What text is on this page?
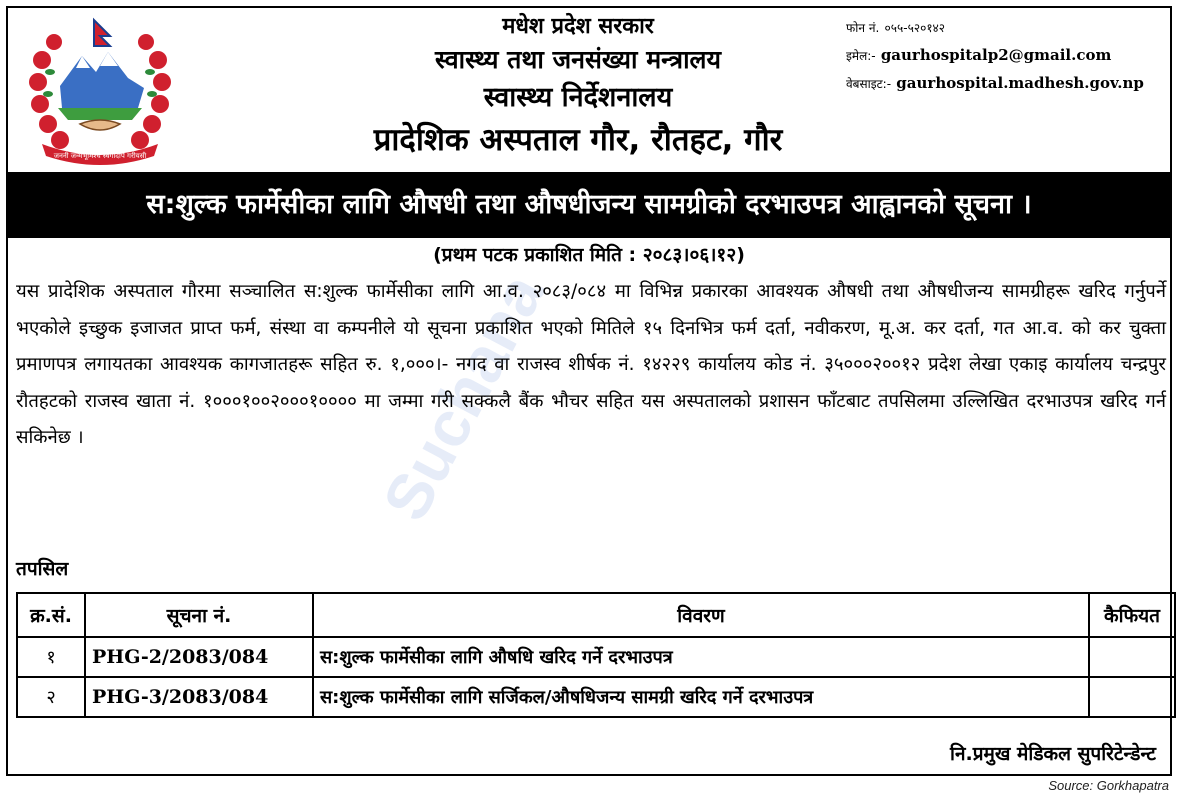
Suchana
जननी जन्मभूमिश्च स्वर्गादपि गरीयसी
मधेश प्रदेश सरकार
स्वास्थ्य तथा जनसंख्या मन्त्रालय
स्वास्थ्य निर्देशनालय
प्रादेशिक अस्पताल गौर, रौतहट, गौर
फोन नं. ०५५-५२०१४२
इमेल:- gaurhospitalp2@gmail.com
वेबसाइट:- gaurhospital.madhesh.gov.np
स:शुल्क फार्मेसीका लागि औषधी तथा औषधीजन्य सामग्रीको दरभाउपत्र आह्वानको सूचना ।
(प्रथम पटक प्रकाशित मिति : २०८३।०६।१२)
यस प्रादेशिक अस्पताल गौरमा सञ्चालित स:शुल्क फार्मेसीका लागि आ.व. २०८३/०८४ मा विभिन्न प्रकारका आवश्यक औषधी तथा औषधीजन्य सामग्रीहरू खरिद गर्नुपर्ने भएकोले इच्छुक इजाजत प्राप्त फर्म, संस्था वा कम्पनीले यो सूचना प्रकाशित भएको मितिले १५ दिनभित्र फर्म दर्ता, नवीकरण, मू.अ. कर दर्ता, गत आ.व. को कर चुक्ता प्रमाणपत्र लगायतका आवश्यक कागजातहरू सहित रु. १,०००।- नगद वा राजस्व शीर्षक नं. १४२२९ कार्यालय कोड नं. ३५०००२००१२ प्रदेश लेखा एकाइ कार्यालय चन्द्रपुर रौतहटको राजस्व खाता नं. १०००१००२०००१०००० मा जम्मा गरी सक्कलै बैंक भौचर सहित यस अस्पतालको प्रशासन फाँटबाट तपसिलमा उल्लिखित दरभाउपत्र खरिद गर्न सकिनेछ ।
तपसिल
क्र.सं.	सूचना नं.	विवरण	कैफियत
१	PHG-2/2083/084	स:शुल्क फार्मेसीका लागि औषधि खरिद गर्ने दरभाउपत्र	
२	PHG-3/2083/084	स:शुल्क फार्मेसीका लागि सर्जिकल/औषधिजन्य सामग्री खरिद गर्ने दरभाउपत्र	
नि.प्रमुख मेडिकल सुपरिटेन्डेन्ट
Source: Gorkhapatra
